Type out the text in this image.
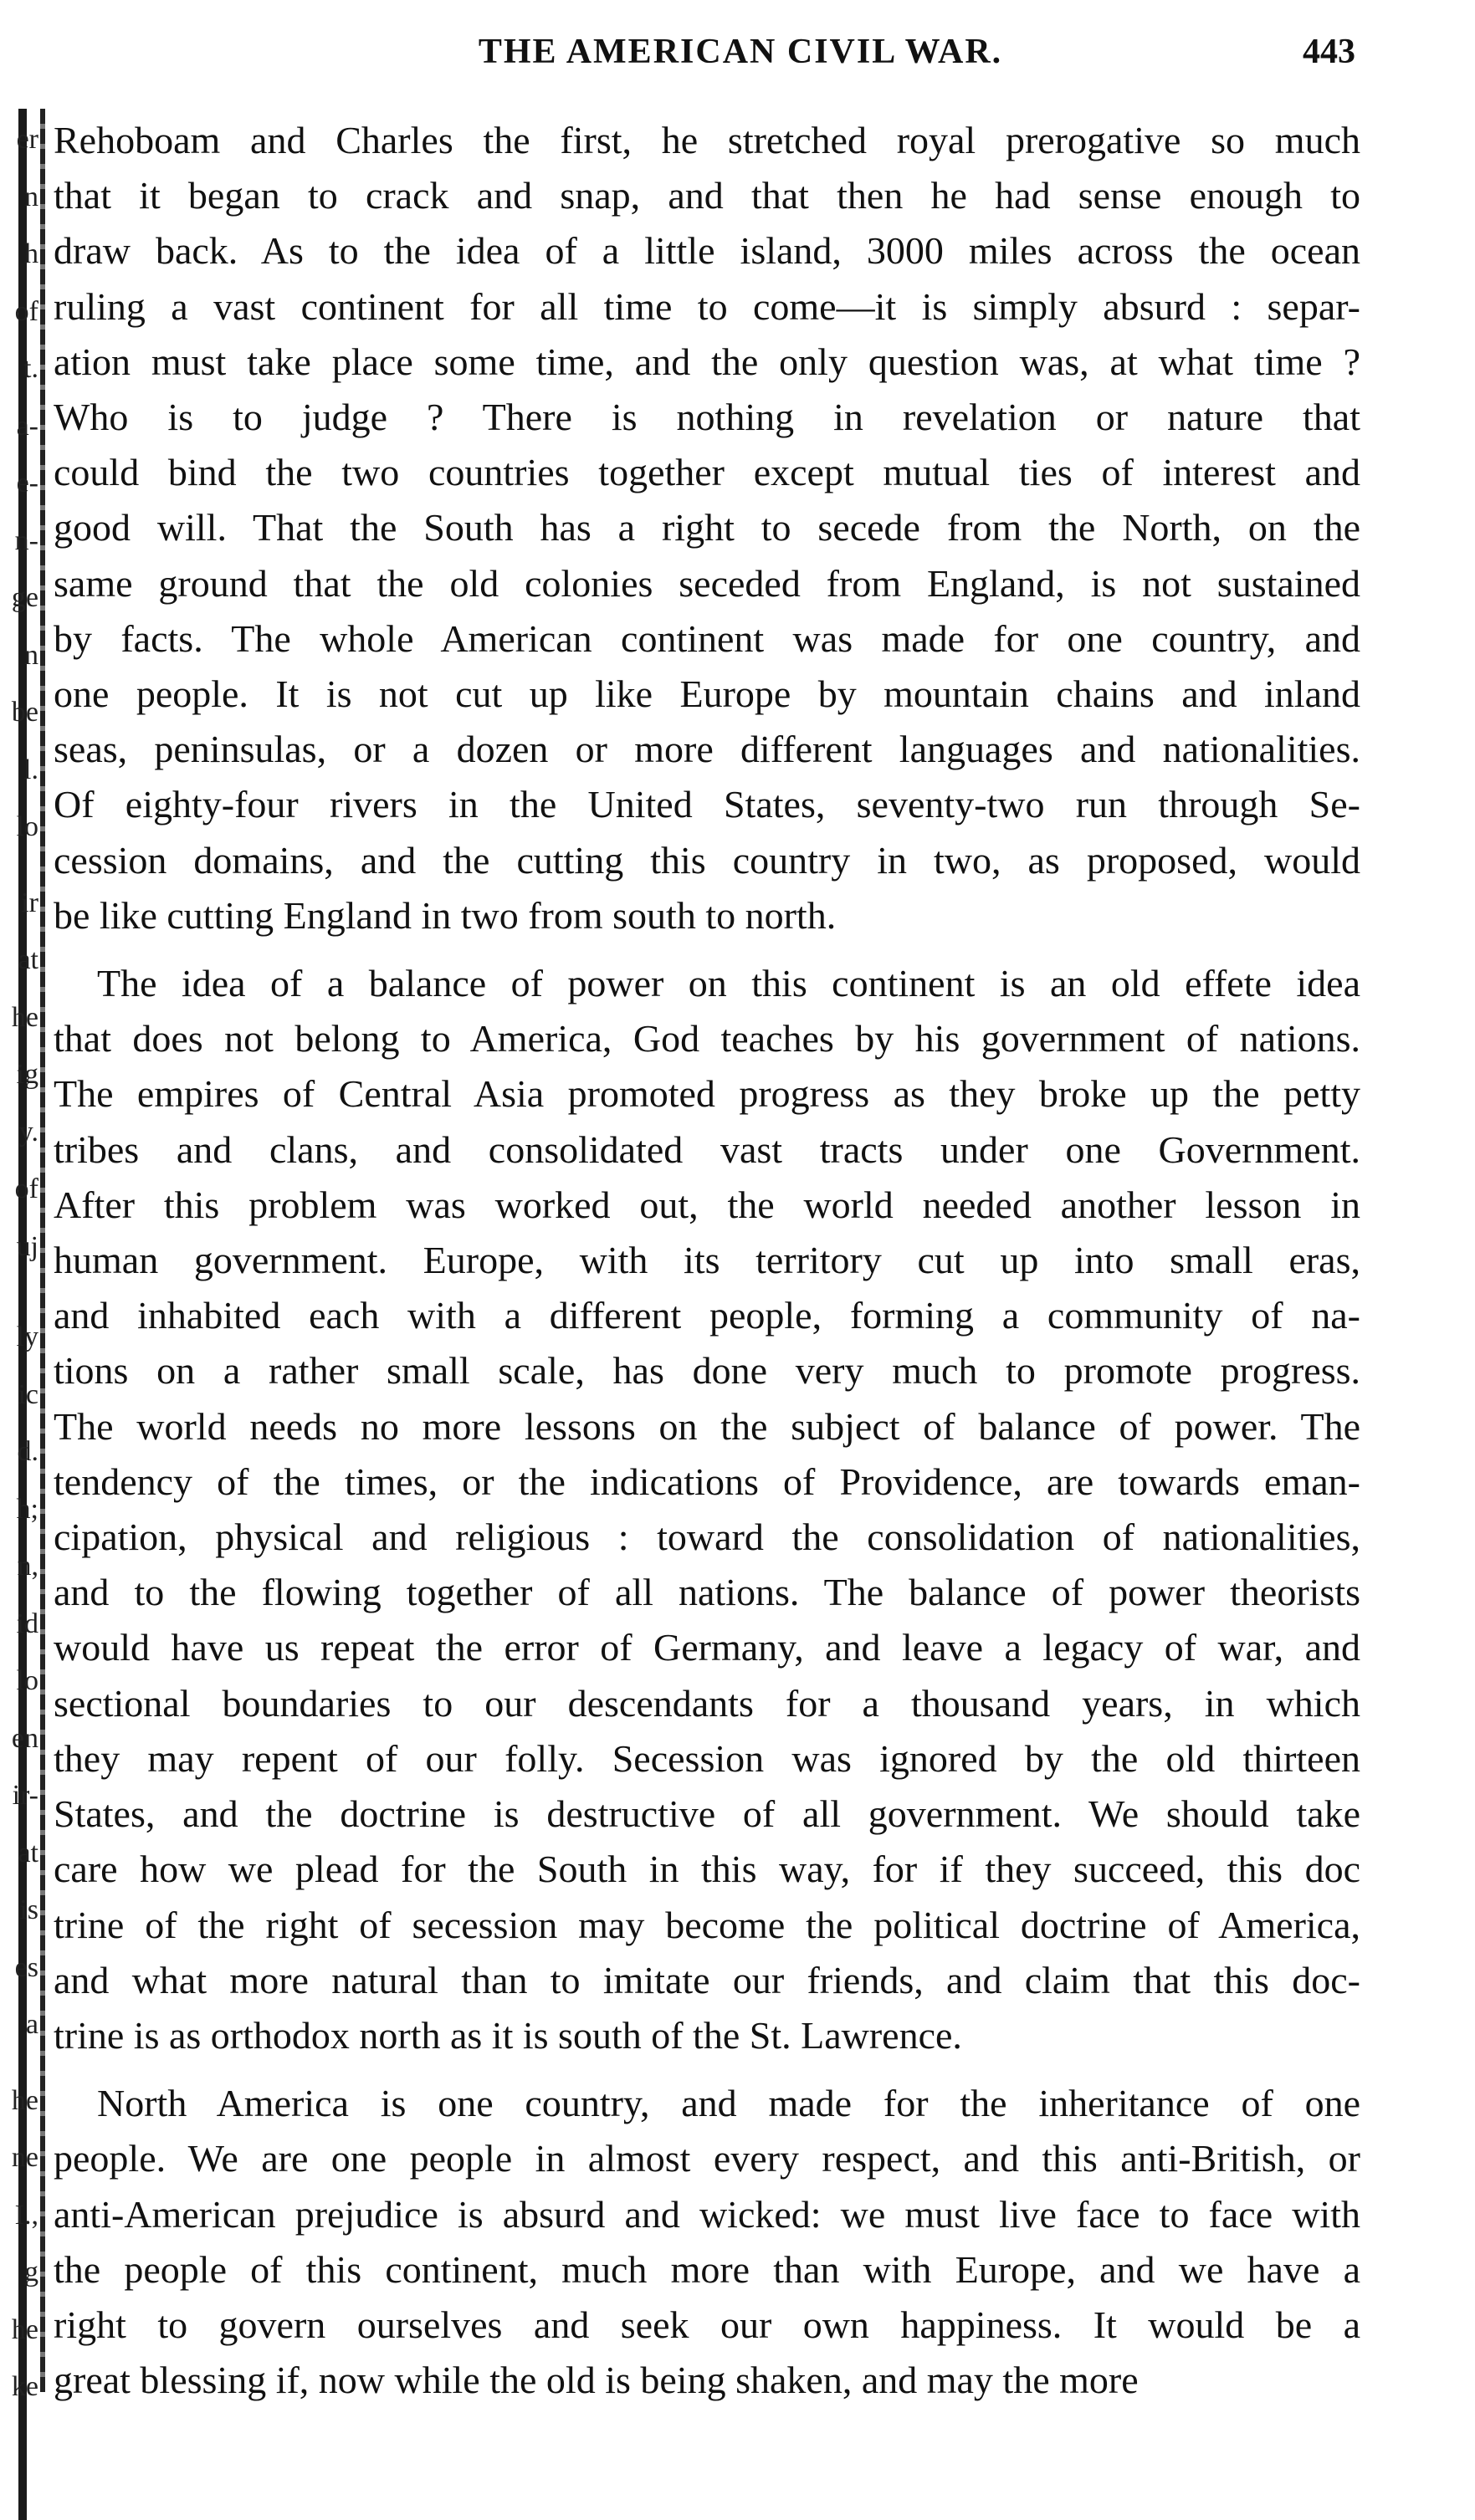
er
n
h
of
t.
a-
e-
n-
ge
n
be
l.
lo
ir
at
he
ig
y.
of
uj
ly
ic
d.
h;
n,
id
lo
en
ir-
at
is
es
a
he
ne
I.,
g
he
ke
THE AMERICAN CIVIL WAR.	443
Rehoboam and Charles the first, he stretched royal prerogative so much
that it began to crack and snap, and that then he had sense enough to
draw back. As to the idea of a little island, 3000 miles across the ocean
ruling a vast continent for all time to come—it is simply absurd : separ-
ation must take place some time, and the only question was, at what time ?
Who is to judge ? There is nothing in revelation or nature that
could bind the two countries together except mutual ties of interest and
good will. That the South has a right to secede from the North, on the
same ground that the old colonies seceded from England, is not sustained
by facts. The whole American continent was made for one country, and
one people. It is not cut up like Europe by mountain chains and inland
seas, peninsulas, or a dozen or more different languages and nationalities.
Of eighty-four rivers in the United States, seventy-two run through Se-
cession domains, and the cutting this country in two, as proposed, would
be like cutting England in two from south to north.
The idea of a balance of power on this continent is an old effete idea
that does not belong to America, God teaches by his government of nations.
The empires of Central Asia promoted progress as they broke up the petty
tribes and clans, and consolidated vast tracts under one Government.
After this problem was worked out, the world needed another lesson in
human government. Europe, with its territory cut up into small eras,
and inhabited each with a different people, forming a community of na-
tions on a rather small scale, has done very much to promote progress.
The world needs no more lessons on the subject of balance of power. The
tendency of the times, or the indications of Providence, are towards eman-
cipation, physical and religious : toward the consolidation of nationalities,
and to the flowing together of all nations. The balance of power theorists
would have us repeat the error of Germany, and leave a legacy of war, and
sectional boundaries to our descendants for a thousand years, in which
they may repent of our folly. Secession was ignored by the old thirteen
States, and the doctrine is destructive of all government. We should take
care how we plead for the South in this way, for if they succeed, this doc
trine of the right of secession may become the political doctrine of America,
and what more natural than to imitate our friends, and claim that this doc-
trine is as orthodox north as it is south of the St. Lawrence.
North America is one country, and made for the inheritance of one
people. We are one people in almost every respect, and this anti-British, or
anti-American prejudice is absurd and wicked: we must live face to face with
the people of this continent, much more than with Europe, and we have a
right to govern ourselves and seek our own happiness. It would be a
great blessing if, now while the old is being shaken, and may the more
